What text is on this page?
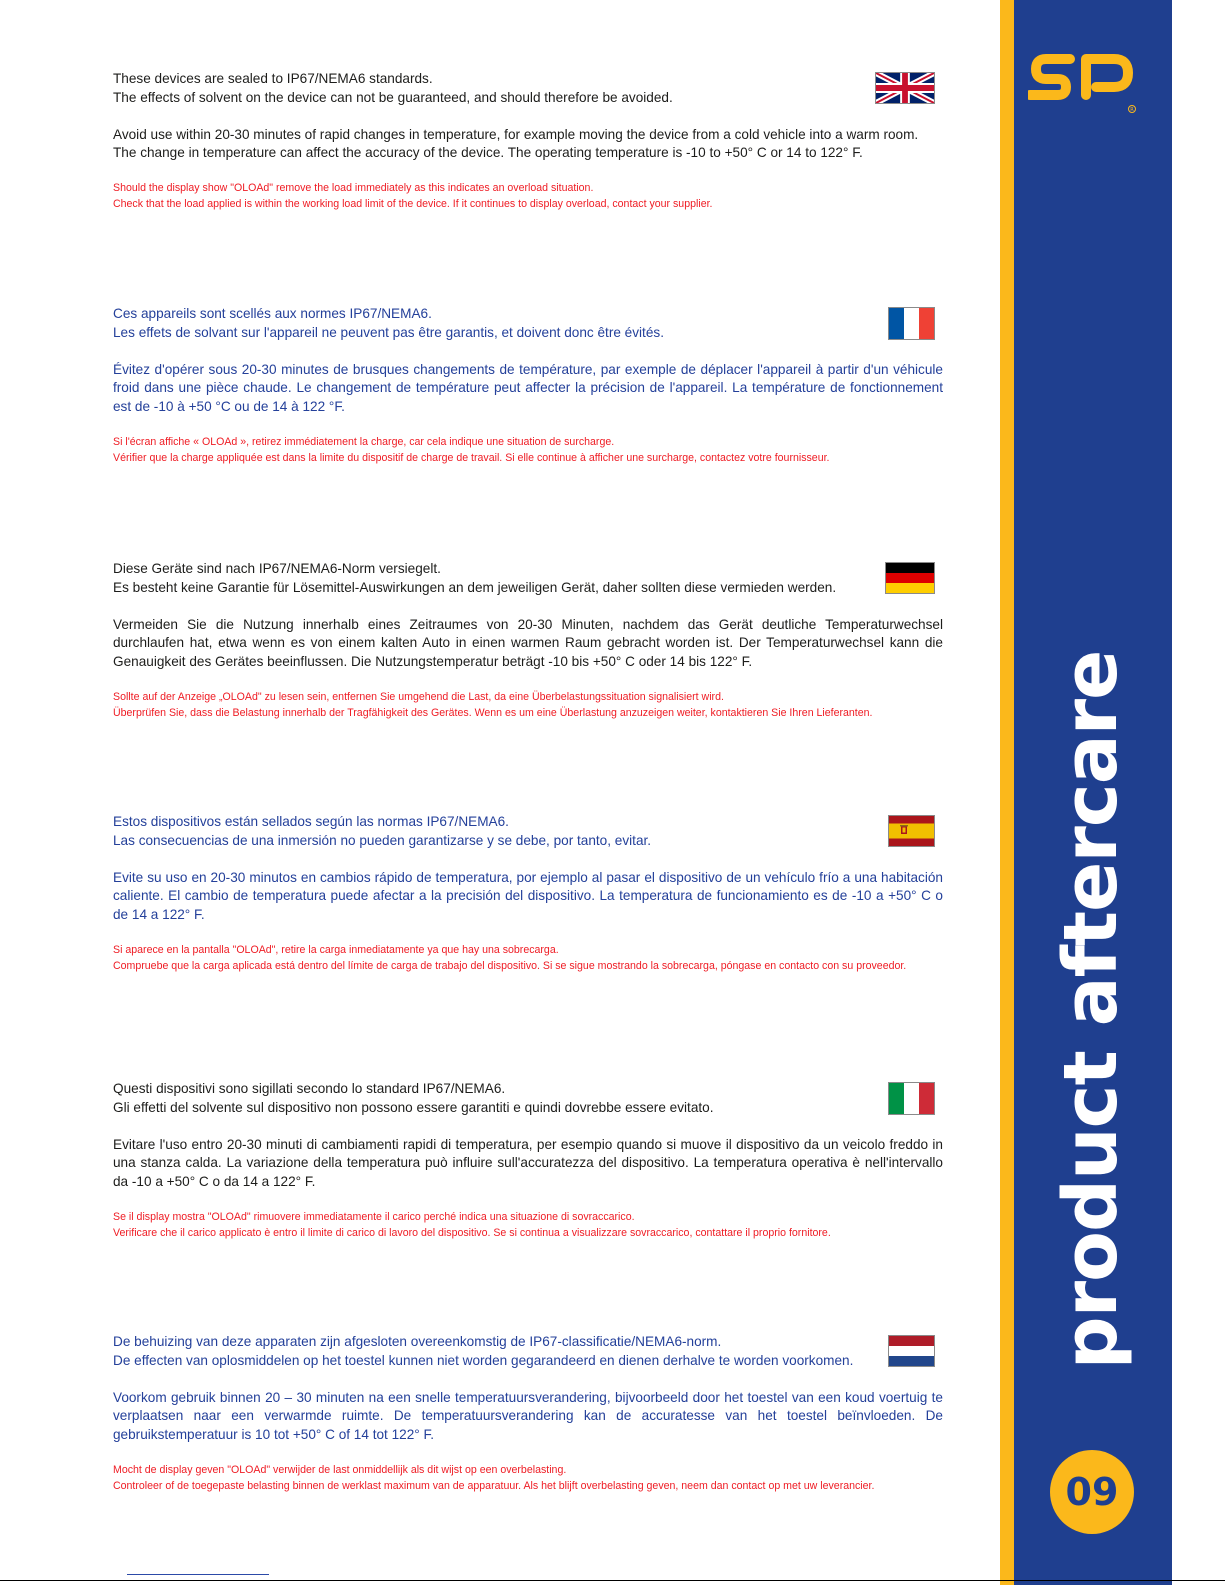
These devices are sealed to IP67/NEMA6 standards.
The effects of solvent on the device can not be guaranteed, and should therefore be avoided.

Avoid use within 20-30 minutes of rapid changes in temperature, for example moving the device from a cold vehicle into a warm room.
The change in temperature can affect the accuracy of the device. The operating temperature is -10 to +50° C or 14 to 122° F.

Should the display show "OLOAd" remove the load immediately as this indicates an overload situation.
Check that the load applied is within the working load limit of the device. If it continues to display overload, contact your supplier.

Ces appareils sont scellés aux normes IP67/NEMA6.
Les effets de solvant sur l'appareil ne peuvent pas être garantis, et doivent donc être évités.

Évitez d'opérer sous 20-30 minutes de brusques changements de température, par exemple de déplacer l'appareil à partir d'un véhicule froid dans une pièce chaude. Le changement de température peut affecter la précision de l'appareil. La température de fonctionnement est de -10 à +50 °C ou de 14 à 122 °F.

Si l'écran affiche « OLOAd », retirez immédiatement la charge, car cela indique une situation de surcharge.
Vérifier que la charge appliquée est dans la limite du dispositif de charge de travail. Si elle continue à afficher une surcharge, contactez votre fournisseur.

Diese Geräte sind nach IP67/NEMA6-Norm versiegelt.
Es besteht keine Garantie für Lösemittel-Auswirkungen an dem jeweiligen Gerät, daher sollten diese vermieden werden.

Vermeiden Sie die Nutzung innerhalb eines Zeitraumes von 20-30 Minuten, nachdem das Gerät deutliche Temperaturwechsel durchlaufen hat, etwa wenn es von einem kalten Auto in einen warmen Raum gebracht worden ist. Der Temperaturwechsel kann die Genauigkeit des Gerätes beeinflussen. Die Nutzungstemperatur beträgt -10 bis +50° C oder 14 bis 122° F.

Sollte auf der Anzeige „OLOAd" zu lesen sein, entfernen Sie umgehend die Last, da eine Überbelastungssituation signalisiert wird.
Überprüfen Sie, dass die Belastung innerhalb der Tragfähigkeit des Gerätes. Wenn es um eine Überlastung anzuzeigen weiter, kontaktieren Sie Ihren Lieferanten.

Estos dispositivos están sellados según las normas IP67/NEMA6.
Las consecuencias de una inmersión no pueden garantizarse y se debe, por tanto, evitar.

Evite su uso en 20-30 minutos en cambios rápido de temperatura, por ejemplo al pasar el dispositivo de un vehículo frío a una habitación caliente. El cambio de temperatura puede afectar a la precisión del dispositivo. La temperatura de funcionamiento es de -10 a +50° C o de 14 a 122° F.

Si aparece en la pantalla "OLOAd", retire la carga inmediatamente ya que hay una sobrecarga.
Compruebe que la carga aplicada está dentro del límite de carga de trabajo del dispositivo. Si se sigue mostrando la sobrecarga, póngase en contacto con su proveedor.

Questi dispositivi sono sigillati secondo lo standard IP67/NEMA6.
Gli effetti del solvente sul dispositivo non possono essere garantiti e quindi dovrebbe essere evitato.

Evitare l'uso entro 20-30 minuti di cambiamenti rapidi di temperatura, per esempio quando si muove il dispositivo da un veicolo freddo in una stanza calda. La variazione della temperatura può influire sull'accuratezza del dispositivo. La temperatura operativa è nell'intervallo da -10 a +50° C o da 14 a 122° F.

Se il display mostra "OLOAd" rimuovere immediatamente il carico perché indica una situazione di sovraccarico.
Verificare che il carico applicato è entro il limite di carico di lavoro del dispositivo. Se si continua a visualizzare sovraccarico, contattare il proprio fornitore.

De behuizing van deze apparaten zijn afgesloten overeenkomstig de IP67-classificatie/NEMA6-norm.
De effecten van oplosmiddelen op het toestel kunnen niet worden gegarandeerd en dienen derhalve te worden voorkomen.

Voorkom gebruik binnen 20 – 30 minuten na een snelle temperatuursverandering, bijvoorbeeld door het toestel van een koud voertuig te verplaatsen naar een verwarmde ruimte. De temperatuursverandering kan de accuratesse van het toestel beïnvloeden. De gebruikstemperatuur is 10 tot +50° C of 14 tot 122° F.

Mocht de display geven "OLOAd" verwijder de last onmiddellijk als dit wijst op een overbelasting.
Controleer of de toegepaste belasting binnen de werklast maximum van de apparatuur. Als het blijft overbelasting geven, neem dan contact op met uw leverancier.

R
product aftercare
09
